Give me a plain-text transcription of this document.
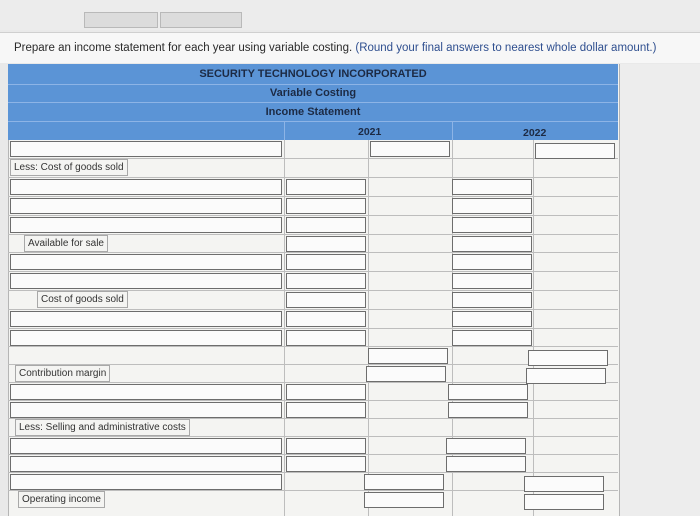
Prepare an income statement for each year using variable costing. (Round your final answers to nearest whole dollar amount.)
SECURITY TECHNOLOGY INCORPORATED
Variable Costing
Income Statement
2021	2022
Less: Cost of goods sold
Available for sale
Cost of goods sold
Contribution margin
Less: Selling and administrative costs
Operating income
